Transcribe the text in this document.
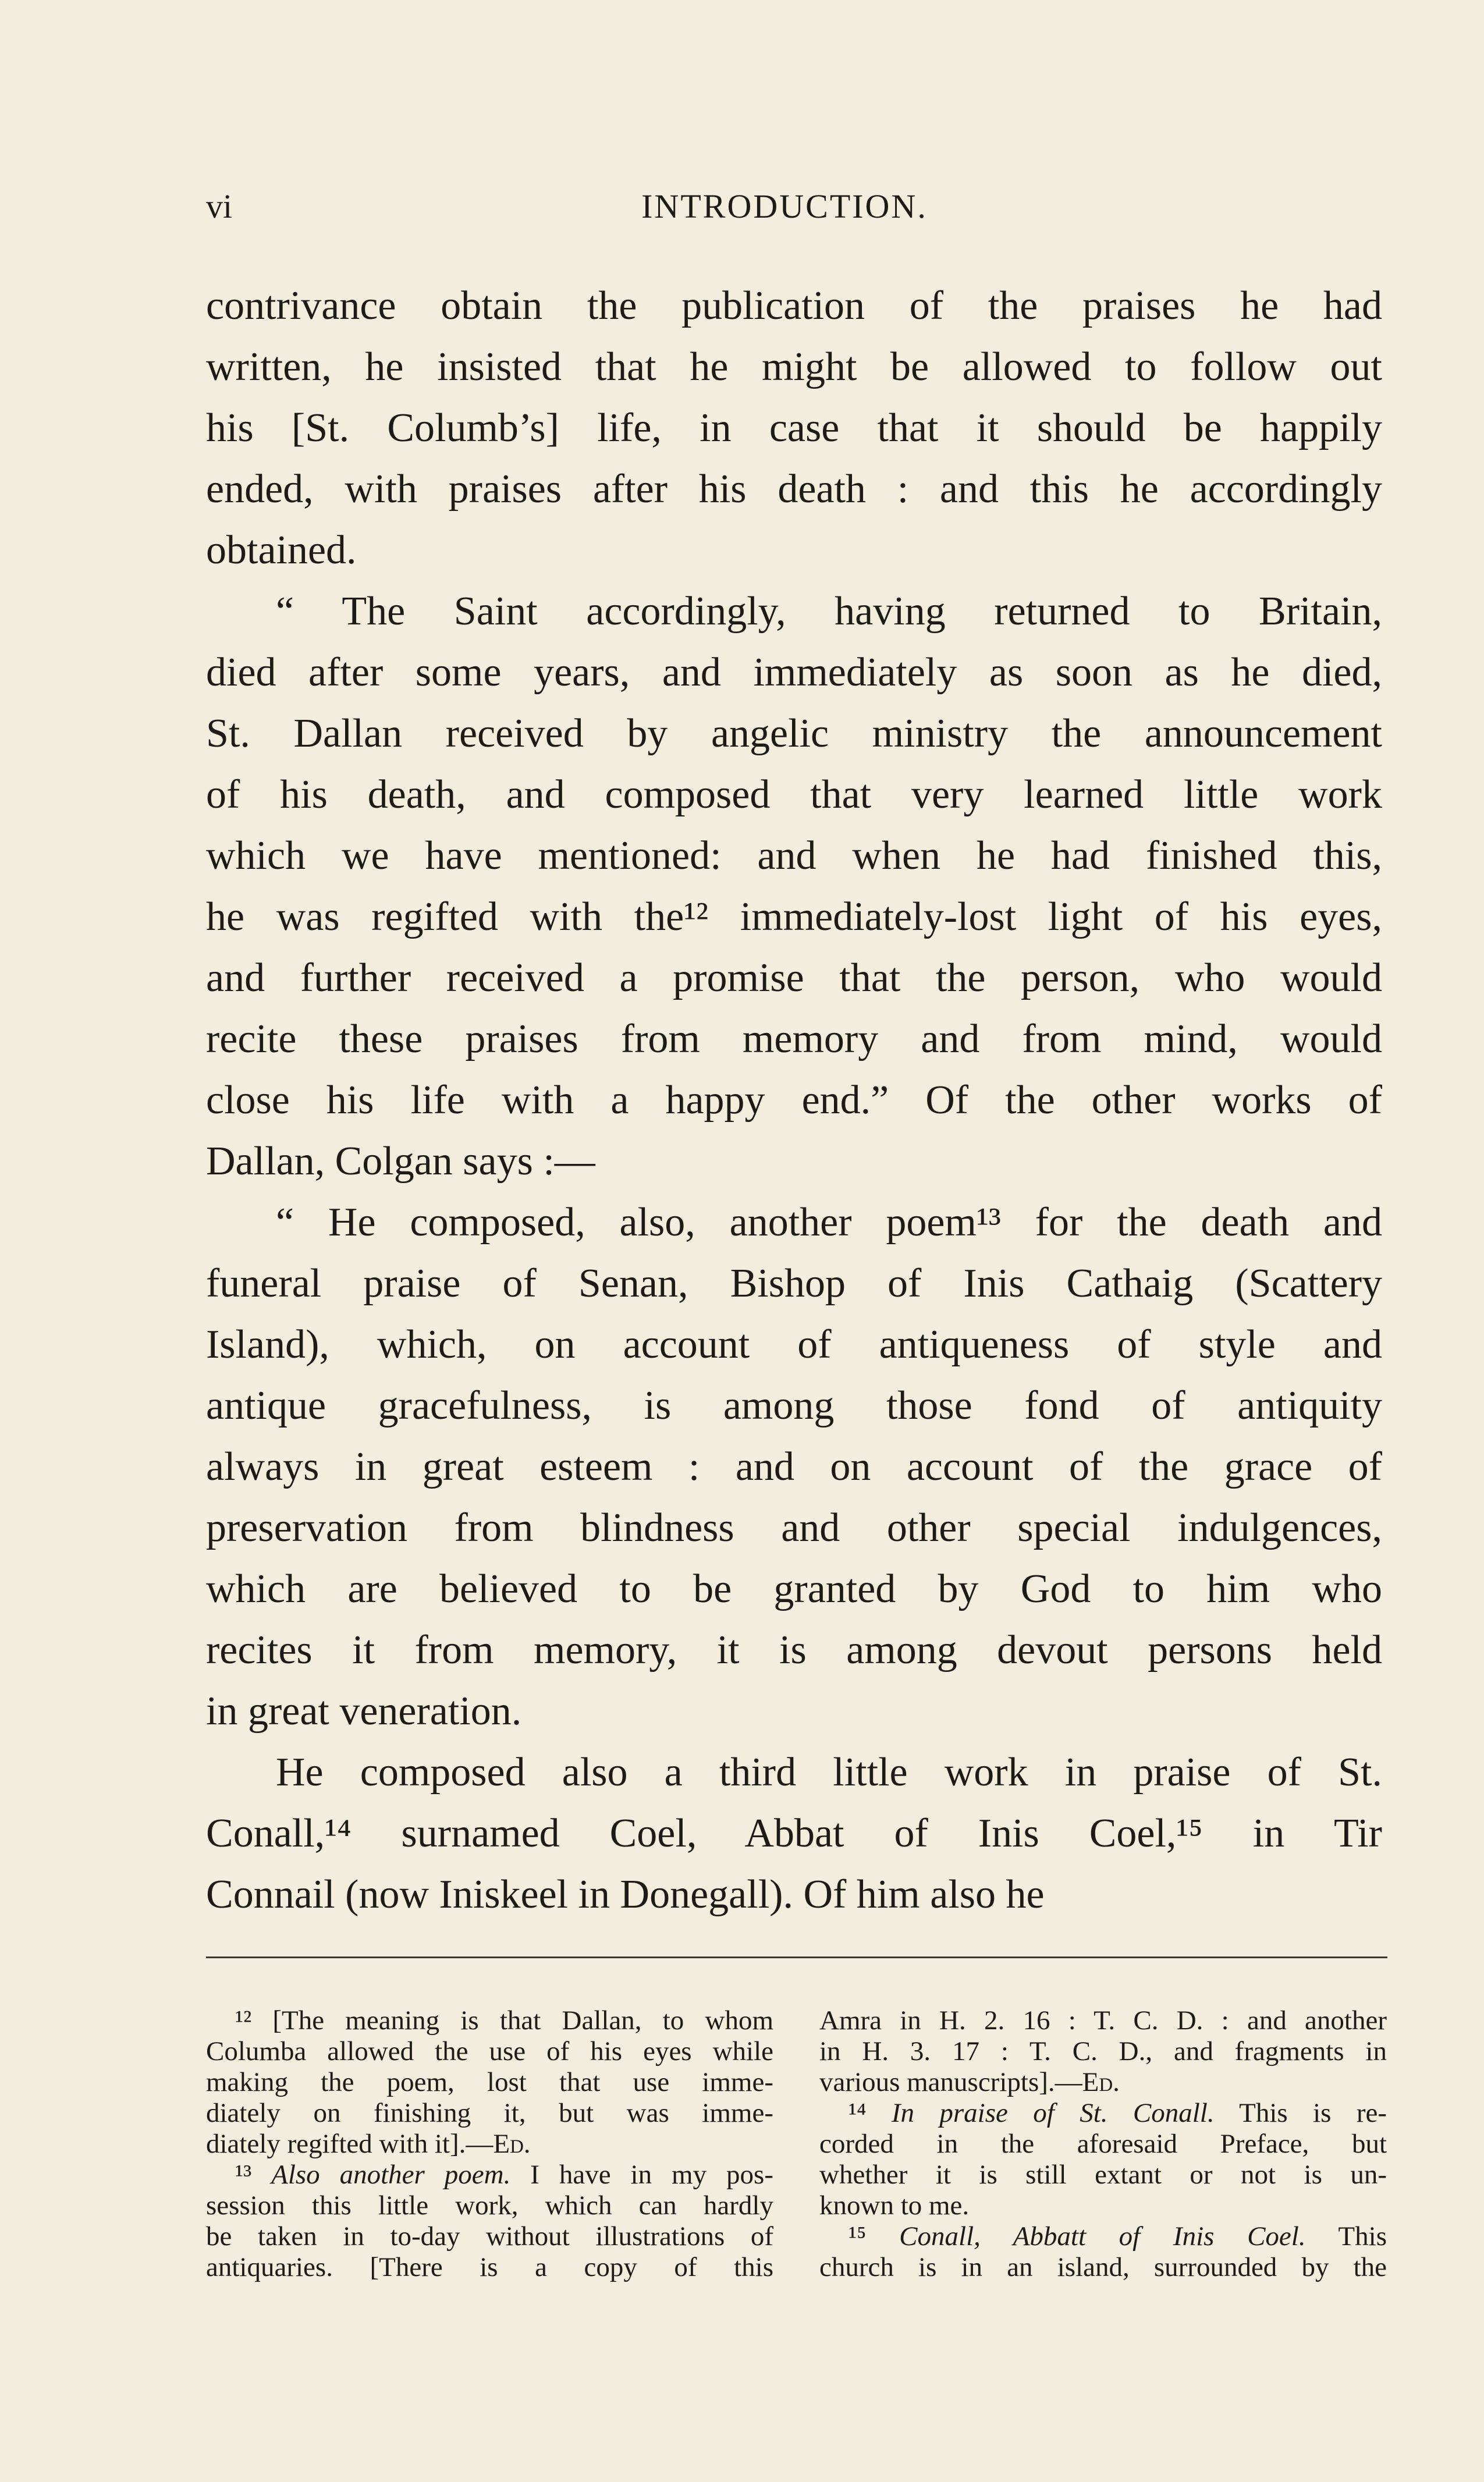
vi	INTRODUCTION.
contrivance obtain the publication of the praises he had
written, he insisted that he might be allowed to follow out
his [St. Columb’s] life, in case that it should be happily
ended, with praises after his death : and this he accordingly
obtained.
“ The Saint accordingly, having returned to Britain,
died after some years, and immediately as soon as he died,
St. Dallan received by angelic ministry the announcement
of his death, and composed that very learned little work
which we have mentioned: and when he had finished this,
he was regifted with the¹² immediately-lost light of his eyes,
and further received a promise that the person, who would
recite these praises from memory and from mind, would
close his life with a happy end.” Of the other works of
Dallan, Colgan says :—
“ He composed, also, another poem¹³ for the death and
funeral praise of Senan, Bishop of Inis Cathaig (Scattery
Island), which, on account of antiqueness of style and
antique gracefulness, is among those fond of antiquity
always in great esteem : and on account of the grace of
preservation from blindness and other special indulgences,
which are believed to be granted by God to him who
recites it from memory, it is among devout persons held
in great veneration.
He composed also a third little work in praise of St.
Conall,¹⁴ surnamed Coel, Abbat of Inis Coel,¹⁵ in Tir
Connail (now Iniskeel in Donegall). Of him also he
¹² [The meaning is that Dallan, to whom
Columba allowed the use of his eyes while
making the poem, lost that use imme-
diately on finishing it, but was imme-
diately regifted with it].—Ed.
¹³ Also another poem. I have in my pos-
session this little work, which can hardly
be taken in to-day without illustrations of
antiquaries. [There is a copy of this
Amra in H. 2. 16 : T. C. D. : and another
in H. 3. 17 : T. C. D., and fragments in
various manuscripts].—Ed.
¹⁴ In praise of St. Conall. This is re-
corded in the aforesaid Preface, but
whether it is still extant or not is un-
known to me.
¹⁵ Conall, Abbatt of Inis Coel. This
church is in an island, surrounded by the
